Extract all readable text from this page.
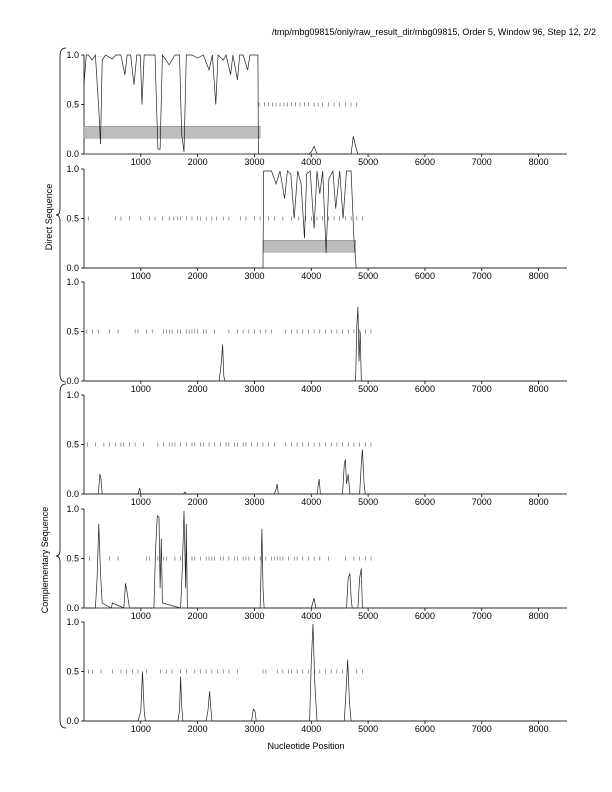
/tmp/mbg09815/only/raw_result_dir/mbg09815, Order 5, Window 96, Step 12, 2/2
0.0
0.5
1.0
1000	2000	3000	4000	5000	6000	7000	8000
0.0
0.5
1.0
1000	2000	3000	4000	5000	6000	7000	8000
0.0
0.5
1.0
1000	2000	3000	4000	5000	6000	7000	8000
0.0
0.5
1.0
1000	2000	3000	4000	5000	6000	7000	8000
0.0
0.5
1.0
1000	2000	3000	4000	5000	6000	7000	8000
0.0
0.5
1.0
1000	2000	3000	4000	5000	6000	7000	8000
Direct Sequence
Complementary Sequence
Nucleotide Position
